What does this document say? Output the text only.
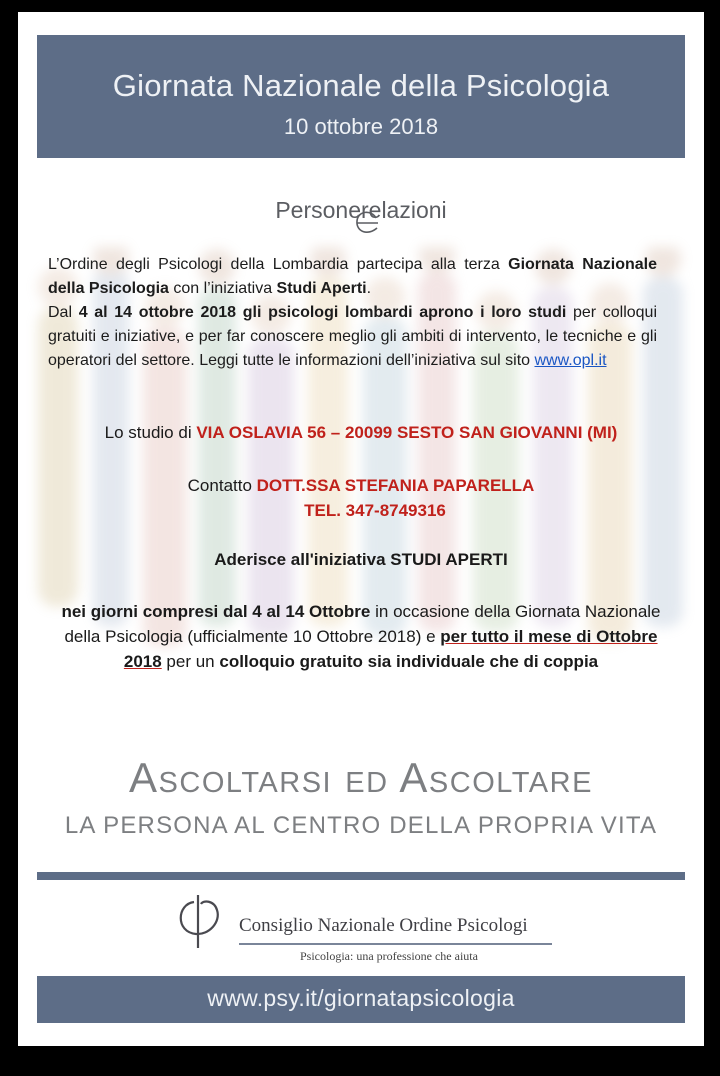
Giornata Nazionale della Psicologia
10 ottobre 2018
Persone
relazioni

L’Ordine degli Psicologi della Lombardia partecipa alla terza Giornata Nazionale della Psicologia con l’iniziativa Studi Aperti.

Dal 4 al 14 ottobre 2018 gli psicologi lombardi aprono i loro studi per colloqui gratuiti e iniziative, e per far conoscere meglio gli ambiti di intervento, le tecniche e gli operatori del settore. Leggi tutte le informazioni dell’iniziativa sul sito www.opl.it

Lo studio di VIA OSLAVIA 56 – 20099 SESTO SAN GIOVANNI (MI)
Contatto DOTT.SSA STEFANIA PAPARELLA
TEL. 347-8749316
Aderisce all'iniziativa STUDI APERTI
nei giorni compresi dal 4 al 14 Ottobre in occasione della Giornata Nazionale della Psicologia (ufficialmente 10 Ottobre 2018) e per tutto il mese di Ottobre 2018 per un colloquio gratuito sia individuale che di coppia
Ascoltarsi ed Ascoltare
LA PERSONA AL CENTRO DELLA PROPRIA VITA
Consiglio Nazionale Ordine Psicologi
Psicologia: una professione che aiuta
www.psy.it/giornatapsicologia
